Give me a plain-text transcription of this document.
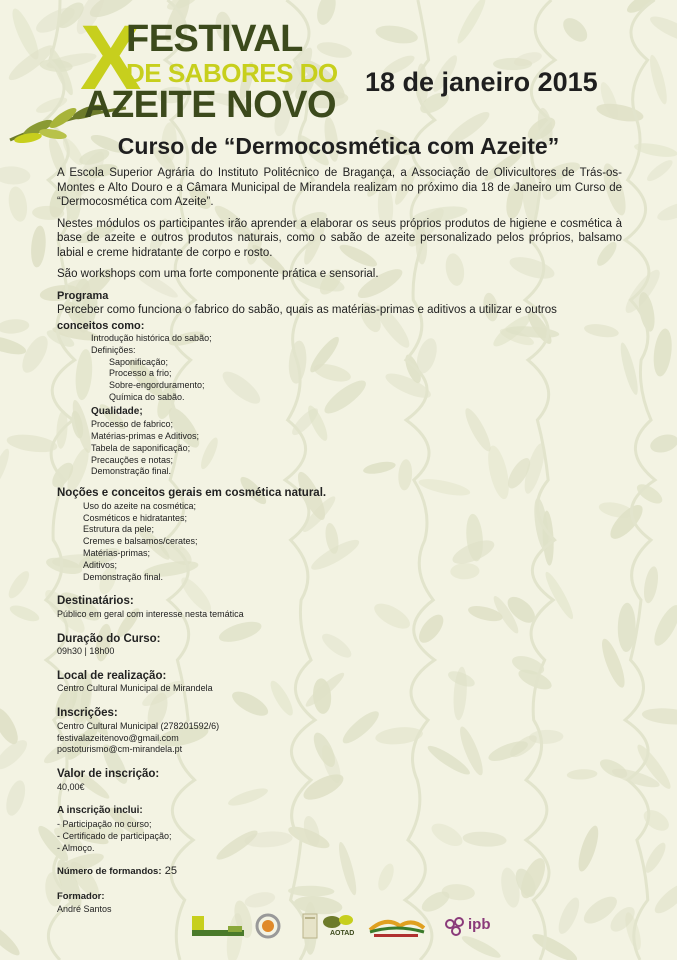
X
FESTIVAL
DE SABORES DO
AZEITE NOVO
18 de janeiro 2015
Curso de “Dermocosmética com Azeite”

A Escola Superior Agrária do Instituto Politécnico de Bragança, a Associação de Olivicultores de Trás-os-Montes e Alto Douro e a Câmara Municipal de Mirandela realizam no próximo dia 18 de Janeiro um Curso de “Dermocosmética com Azeite”.

Nestes módulos os participantes irão aprender a elaborar os seus próprios produtos de higiene e cosmética à base de azeite e outros produtos naturais, como o sabão de azeite personalizado pelos próprios, balsamo labial e creme hidratante de corpo e rosto.

São workshops com uma forte componente prática e sensorial.

Programa
Perceber como funciona o fabrico do sabão, quais as matérias-primas e aditivos a utilizar e outros
conceitos como:
Introdução histórica do sabão;
Definições:
Saponificação;
Processo a frio;
Sobre-engorduramento;
Química do sabão.
Qualidade;
Processo de fabrico;
Matérias-primas e Aditivos;
Tabela de saponificação;
Precauções e notas;
Demonstração final.
Noções e conceitos gerais em cosmética natural.
Uso do azeite na cosmética;
Cosméticos e hidratantes;
Estrutura da pele;
Cremes e balsamos/cerates;
Matérias-primas;
Aditivos;
Demonstração final.
Destinatários:
Público em geral com interesse nesta temática
Duração do Curso:
09h30 | 18h00
Local de realização:
Centro Cultural Municipal de Mirandela
Inscrições:
Centro Cultural Municipal (278201592/6)
festivalazeitenovo@gmail.com
postoturismo@cm-mirandela.pt
Valor de inscrição:
40,00€
A inscrição inclui:
- Participação no curso;
- Certificado de participação;
- Almoço.
Número de formandos: 25
Formador:
André Santos
AOTAD
ipb
